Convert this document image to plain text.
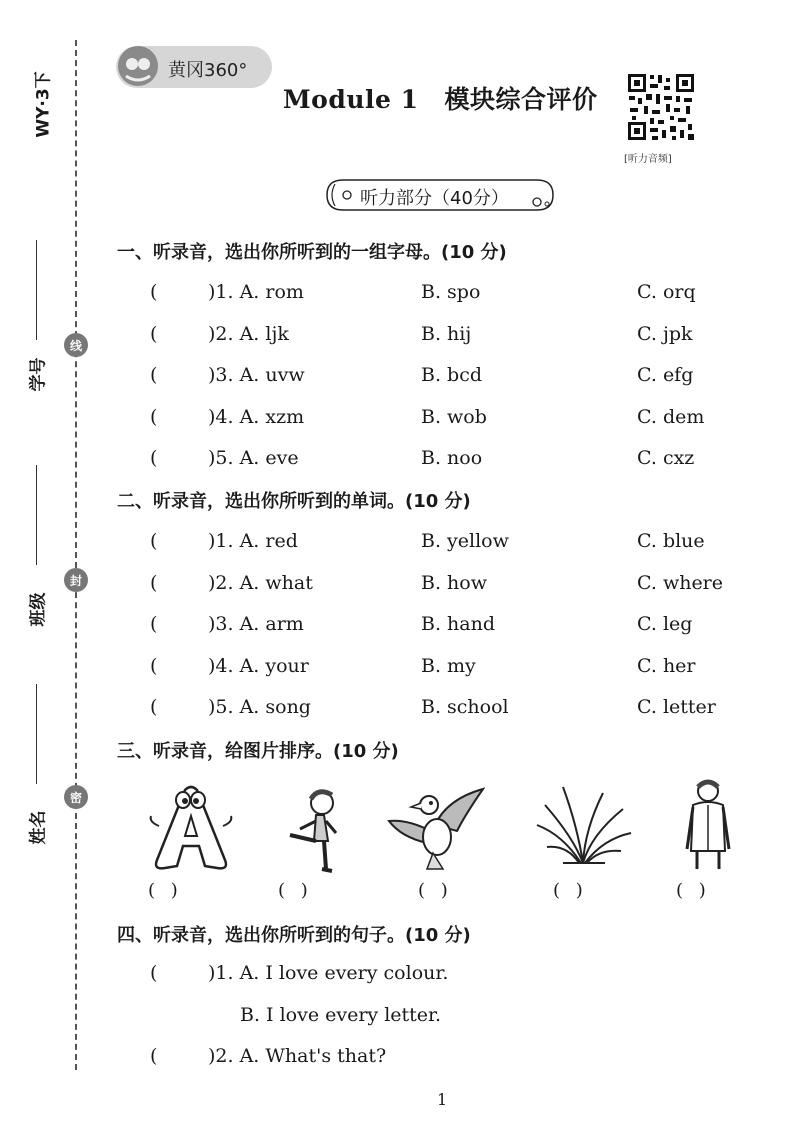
WY·3下
学号
班级
姓名
线
封
密
黄冈360°
Module 1 模块综合评价
[听力音频]
听力部分（40分）
一、听录音，选出你所听到的一组字母。(10 分)
(	)1. A. rom	B. spo	C. orq
(	)2. A. ljk	B. hij	C. jpk
(	)3. A. uvw	B. bcd	C. efg
(	)4. A. xzm	B. wob	C. dem
(	)5. A. eve	B. noo	C. cxz
二、听录音，选出你所听到的单词。(10 分)
(	)1. A. red	B. yellow	C. blue
(	)2. A. what	B. how	C. where
(	)3. A. arm	B. hand	C. leg
(	)4. A. your	B. my	C. her
(	)5. A. song	B. school	C. letter
三、听录音，给图片排序。(10 分)
( )	( )	( )	( )	( )
四、听录音，选出你所听到的句子。(10 分)
(	)1. A. I love every colour.
B. I love every letter.
(	)2. A. What's that?
1
